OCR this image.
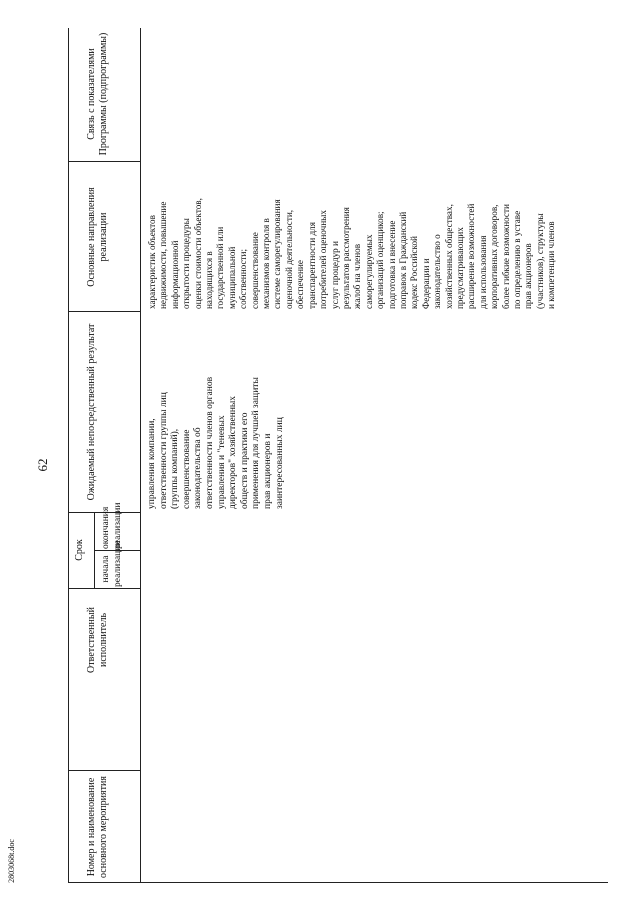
62
2803068t.doc	Номер и наименование основного мероприятия
Ответственный исполнитель
Срок
начала реализации
окончания реализации
Ожидаемый непосредственный результат
Основные направления реализации
Связь с показателями Программы (подпрограммы)
управления компании,
ответственности группы лиц
(группы компаний),
совершенствование
законодательства об
ответственности членов органов
управления и "теневых
директоров" хозяйственных
обществ и практики его
применения для лучшей защиты
прав акционеров и
заинтересованных лиц
характеристик объектов
недвижимости, повышение
информационной
открытости процедуры
оценки стоимости объектов,
находящихся в
государственной или
муниципальной
собственности;
совершенствование
механизмов контроля в
системе саморегулирования
оценочной деятельности,
обеспечение
транспарентности для
потребителей оценочных
услуг процедур и
результатов рассмотрения
жалоб на членов
саморегулируемых
организаций оценщиков;
подготовка и внесение
поправок в Гражданский
кодекс Российской
Федерации и
законодательство о
хозяйственных обществах,
предусматривающих
расширение возможностей
для использования
корпоративных договоров,
более гибкие возможности
по определению в уставе
прав акционеров
(участников), структуры
и компетенции членов
